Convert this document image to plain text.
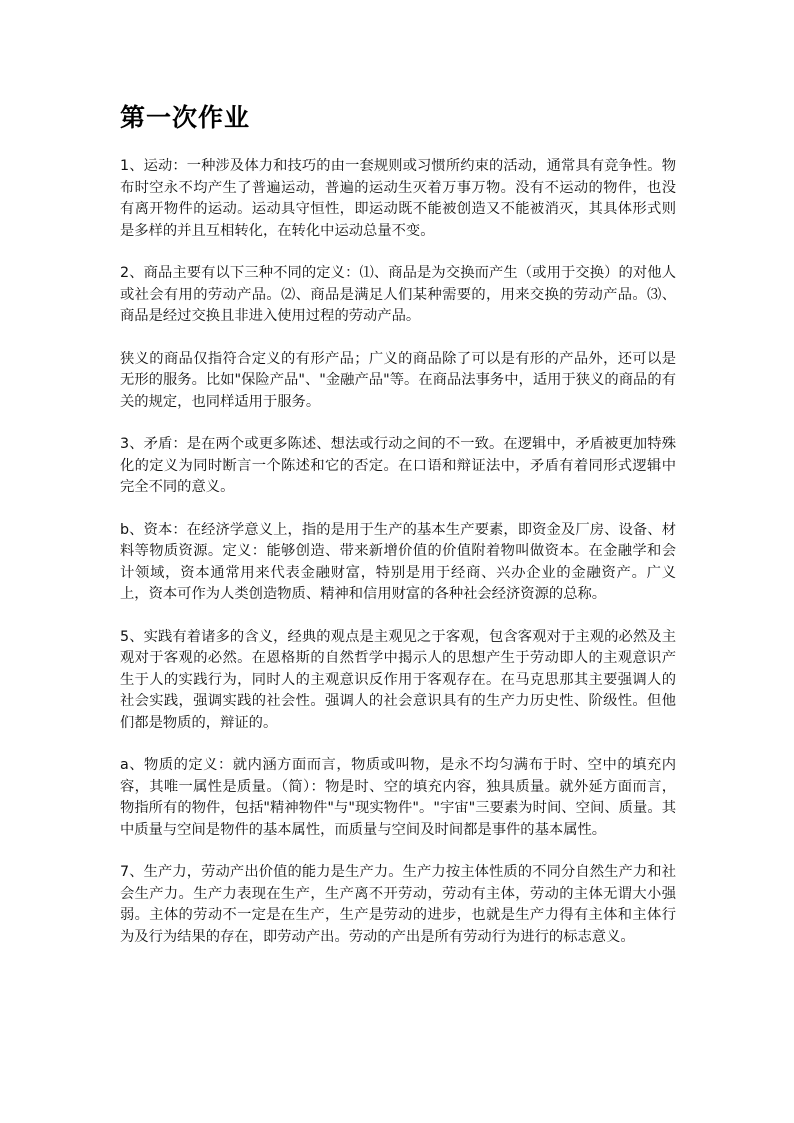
第一次作业

1、运动：一种涉及体力和技巧的由一套规则或习惯所约束的活动，通常具有竞争性。物布时空永不均产生了普遍运动，普遍的运动生灭着万事万物。没有不运动的物件，也没有离开物件的运动。运动具守恒性，即运动既不能被创造又不能被消灭，其具体形式则是多样的并且互相转化，在转化中运动总量不变。

2、商品主要有以下三种不同的定义：⑴、商品是为交换而产生（或用于交换）的对他人或社会有用的劳动产品。⑵、商品是满足人们某种需要的，用来交换的劳动产品。⑶、商品是经过交换且非进入使用过程的劳动产品。

狭义的商品仅指符合定义的有形产品；广义的商品除了可以是有形的产品外，还可以是无形的服务。比如"保险产品"、"金融产品"等。在商品法事务中，适用于狭义的商品的有关的规定，也同样适用于服务。

3、矛盾：是在两个或更多陈述、想法或行动之间的不一致。在逻辑中，矛盾被更加特殊化的定义为同时断言一个陈述和它的否定。在口语和辩证法中，矛盾有着同形式逻辑中完全不同的意义。

b、资本：在经济学意义上，指的是用于生产的基本生产要素，即资金及厂房、设备、材料等物质资源。定义：能够创造、带来新增价值的价值附着物叫做资本。在金融学和会计领域，资本通常用来代表金融财富，特别是用于经商、兴办企业的金融资产。广义上，资本可作为人类创造物质、精神和信用财富的各种社会经济资源的总称。

5、实践有着诸多的含义，经典的观点是主观见之于客观，包含客观对于主观的必然及主观对于客观的必然。在恩格斯的自然哲学中揭示人的思想产生于劳动即人的主观意识产生于人的实践行为，同时人的主观意识反作用于客观存在。在马克思那其主要强调人的社会实践，强调实践的社会性。强调人的社会意识具有的生产力历史性、阶级性。但他们都是物质的，辩证的。

a、物质的定义：就内涵方面而言，物质或叫物，是永不均匀满布于时、空中的填充内容，其唯一属性是质量。（简）：物是时、空的填充内容，独具质量。就外延方面而言，物指所有的物件，包括"精神物件"与"现实物件"。"宇宙"三要素为时间、空间、质量。其中质量与空间是物件的基本属性，而质量与空间及时间都是事件的基本属性。

7、生产力，劳动产出价值的能力是生产力。生产力按主体性质的不同分自然生产力和社会生产力。生产力表现在生产，生产离不开劳动，劳动有主体，劳动的主体无谓大小强弱。主体的劳动不一定是在生产，生产是劳动的进步，也就是生产力得有主体和主体行为及行为结果的存在，即劳动产出。劳动的产出是所有劳动行为进行的标志意义。
